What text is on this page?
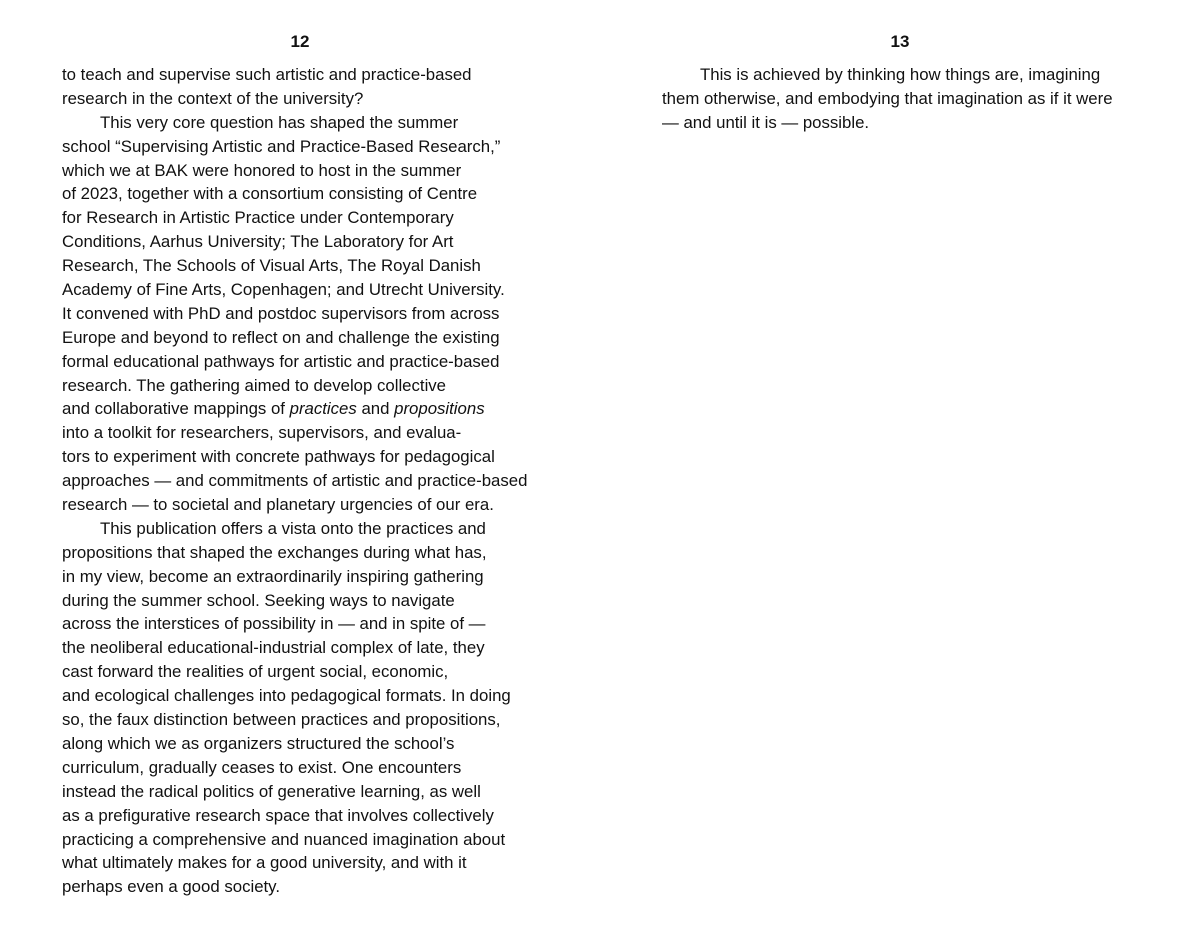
12
to teach and supervise such artistic and practice-based
research in the context of the university?
This very core question has shaped the summer
school “Supervising Artistic and Practice-Based Research,”
which we at BAK were honored to host in the summer
of 2023, together with a consortium consisting of Centre
for Research in Artistic Practice under Contemporary
Conditions, Aarhus University; The Laboratory for Art
Research, The Schools of Visual Arts, The Royal Danish
Academy of Fine Arts, Copenhagen; and Utrecht University.
It convened with PhD and postdoc supervisors from across
Europe and beyond to reflect on and challenge the existing
formal educational pathways for artistic and practice-based
research. The gathering aimed to develop collective
and collaborative mappings of practices and propositions
into a toolkit for researchers, supervisors, and evalua-
tors to experiment with concrete pathways for pedagogical
approaches — and commitments of artistic and practice-based
research — to societal and planetary urgencies of our era.
This publication offers a vista onto the practices and
propositions that shaped the exchanges during what has,
in my view, become an extraordinarily inspiring gathering
during the summer school. Seeking ways to navigate
across the interstices of possibility in — and in spite of —
the neoliberal educational-industrial complex of late, they
cast forward the realities of urgent social, economic,
and ecological challenges into pedagogical formats. In doing
so, the faux distinction between practices and propositions,
along which we as organizers structured the school’s
curriculum, gradually ceases to exist. One encounters
instead the radical politics of generative learning, as well
as a prefigurative research space that involves collectively
practicing a comprehensive and nuanced imagination about
what ultimately makes for a good university, and with it
perhaps even a good society.
13
This is achieved by thinking how things are, imagining
them otherwise, and embodying that imagination as if it were
— and until it is — possible.
